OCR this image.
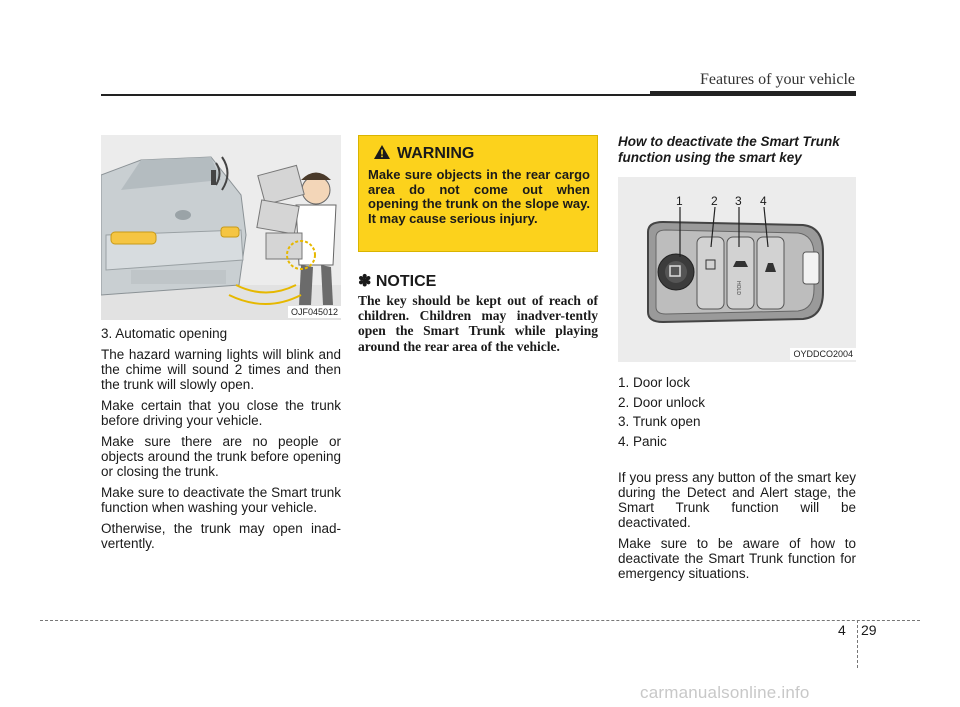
Features of your vehicle
OJF045012

3. Automatic opening

The hazard warning lights will blink and the chime will sound 2 times and then the trunk will slowly open.

Make certain that you close the trunk before driving your vehicle.

Make sure there are no people or objects around the trunk before opening or closing the trunk.

Make sure to deactivate the Smart trunk function when washing your vehicle.

Otherwise, the trunk may open inad-vertently.

WARNING
Make sure objects in the rear cargo area do not come out when opening the trunk on the slope way. It may cause serious injury.
✽ NOTICE
The key should be kept out of reach of children. Children may inadver-tently open the Smart Trunk while playing around the rear area of the vehicle.
How to deactivate the Smart Trunk function using the smart key
1 2 3 4
HOLD
OYDDCO2004
1. Door lock
2. Door unlock
3. Trunk open
4. Panic

If you press any button of the smart key during the Detect and Alert stage, the Smart Trunk function will be deactivated.

Make sure to be aware of how to deactivate the Smart Trunk function for emergency situations.

4 29
carmanualsonline.info
